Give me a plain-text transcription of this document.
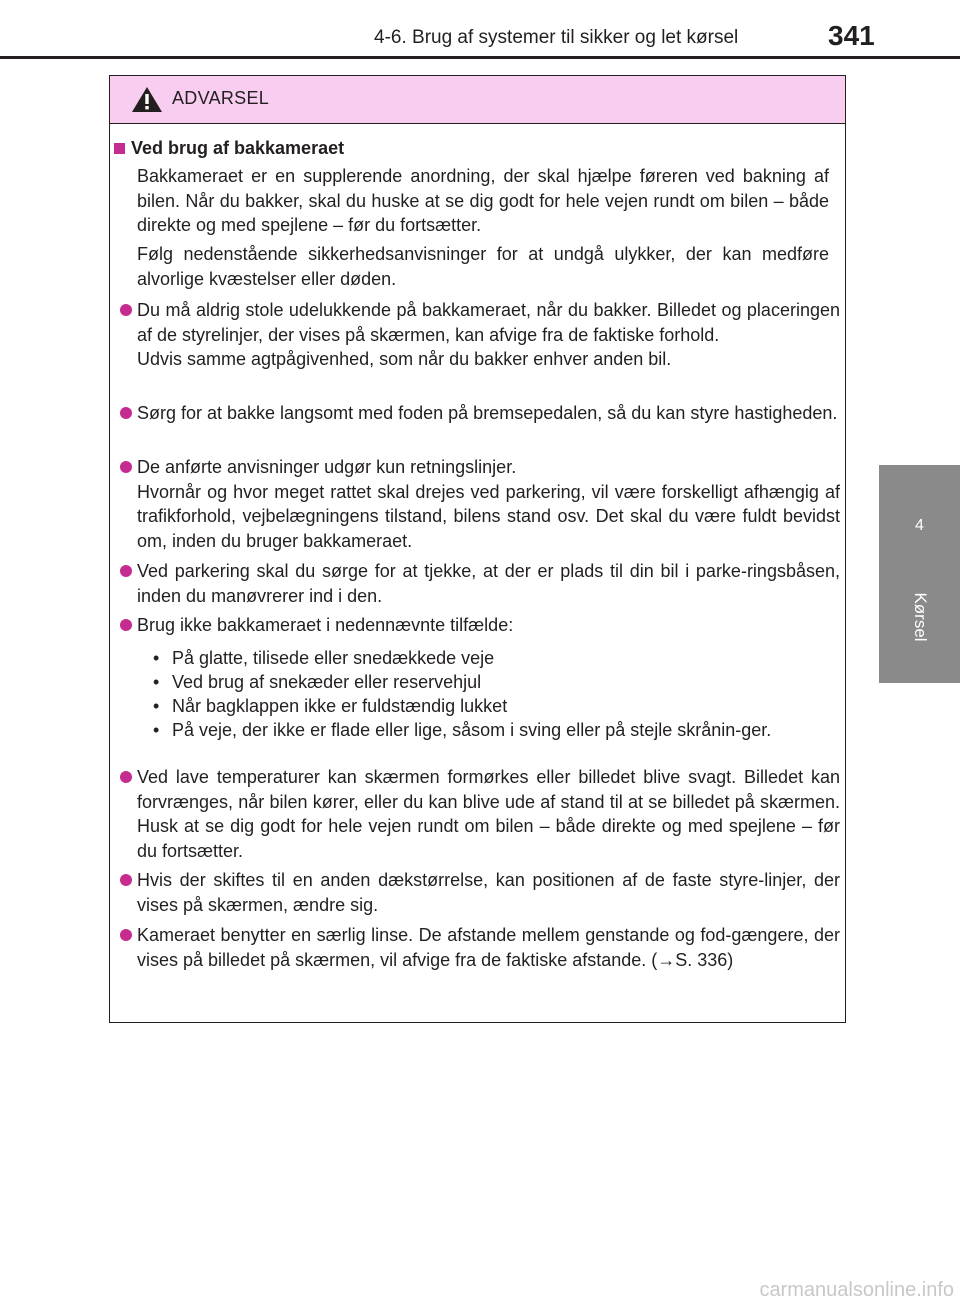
4-6. Brug af systemer til sikker og let kørsel	341
4
Kørsel
ADVARSEL
Ved brug af bakkameraet
Bakkameraet er en supplerende anordning, der skal hjælpe føreren ved bakning af bilen. Når du bakker, skal du huske at se dig godt for hele vejen rundt om bilen – både direkte og med spejlene – før du fortsætter.
Følg nedenstående sikkerhedsanvisninger for at undgå ulykker, der kan medføre alvorlige kvæstelser eller døden.
Du må aldrig stole udelukkende på bakkameraet, når du bakker. Billedet og placeringen af de styrelinjer, der vises på skærmen, kan afvige fra de faktiske forhold.
Udvis samme agtpågivenhed, som når du bakker enhver anden bil.
Sørg for at bakke langsomt med foden på bremsepedalen, så du kan styre hastigheden.
De anførte anvisninger udgør kun retningslinjer.
Hvornår og hvor meget rattet skal drejes ved parkering, vil være forskelligt afhængig af trafikforhold, vejbelægningens tilstand, bilens stand osv. Det skal du være fuldt bevidst om, inden du bruger bakkameraet.
Ved parkering skal du sørge for at tjekke, at der er plads til din bil i parke-ringsbåsen, inden du manøvrerer ind i den.
Brug ikke bakkameraet i nedennævnte tilfælde:
• På glatte, tilisede eller snedækkede veje
• Ved brug af snekæder eller reservehjul
• Når bagklappen ikke er fuldstændig lukket
• På veje, der ikke er flade eller lige, såsom i sving eller på stejle skrånin-ger.
Ved lave temperaturer kan skærmen formørkes eller billedet blive svagt. Billedet kan forvrænges, når bilen kører, eller du kan blive ude af stand til at se billedet på skærmen. Husk at se dig godt for hele vejen rundt om bilen – både direkte og med spejlene – før du fortsætter.
Hvis der skiftes til en anden dækstørrelse, kan positionen af de faste styre-linjer, der vises på skærmen, ændre sig.
Kameraet benytter en særlig linse. De afstande mellem genstande og fod-gængere, der vises på billedet på skærmen, vil afvige fra de faktiske afstande. (→S. 336)
carmanualsonline.info
